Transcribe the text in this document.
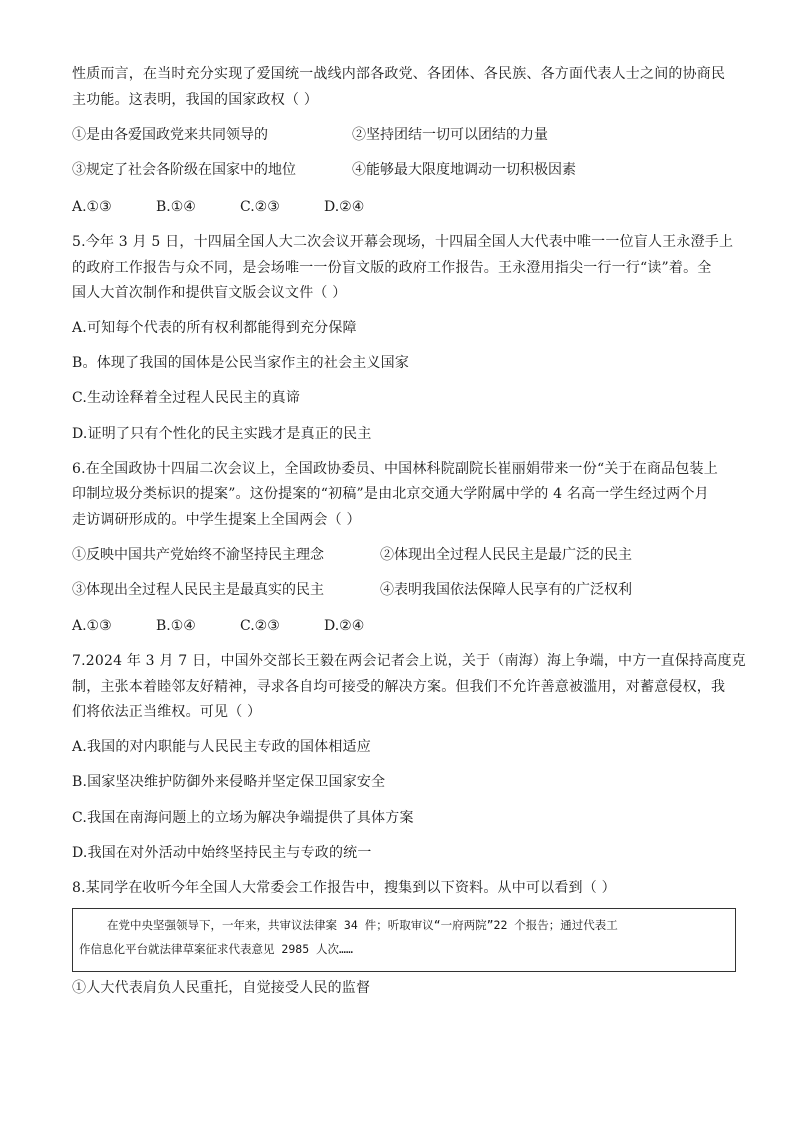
性质而言，在当时充分实现了爱国统一战线内部各政党、各团体、各民族、各方面代表人士之间的协商民
主功能。这表明，我国的国家政权（ ）
①是由各爱国政党来共同领导的	②坚持团结一切可以团结的力量
③规定了社会各阶级在国家中的地位	④能够最大限度地调动一切积极因素
A.①③	B.①④	C.②③	D.②④
5.今年 3 月 5 日，十四届全国人大二次会议开幕会现场，十四届全国人大代表中唯一一位盲人王永澄手上
的政府工作报告与众不同，是会场唯一一份盲文版的政府工作报告。王永澄用指尖一行一行“读”着。全
国人大首次制作和提供盲文版会议文件（ ）
A.可知每个代表的所有权利都能得到充分保障
B。体现了我国的国体是公民当家作主的社会主义国家
C.生动诠释着全过程人民民主的真谛
D.证明了只有个性化的民主实践才是真正的民主
6.在全国政协十四届二次会议上，全国政协委员、中国林科院副院长崔丽娟带来一份“关于在商品包装上
印制垃圾分类标识的提案”。这份提案的“初稿”是由北京交通大学附属中学的 4 名高一学生经过两个月
走访调研形成的。中学生提案上全国两会（ ）
①反映中国共产党始终不渝坚持民主理念	②体现出全过程人民民主是最广泛的民主
③体现出全过程人民民主是最真实的民主	④表明我国依法保障人民享有的广泛权利
A.①③	B.①④	C.②③	D.②④
7.2024 年 3 月 7 日，中国外交部长王毅在两会记者会上说，关于（南海）海上争端，中方一直保持高度克
制，主张本着睦邻友好精神，寻求各自均可接受的解决方案。但我们不允许善意被滥用，对蓄意侵权，我
们将依法正当维权。可见（ ）
A.我国的对内职能与人民民主专政的国体相适应
B.国家坚决维护防御外来侵略并坚定保卫国家安全
C.我国在南海问题上的立场为解决争端提供了具体方案
D.我国在对外活动中始终坚持民主与专政的统一
8.某同学在收听今年全国人大常委会工作报告中，搜集到以下资料。从中可以看到（ ）
在党中央坚强领导下，一年来，共审议法律案 34 件；听取审议“一府两院”22 个报告；通过代表工
作信息化平台就法律草案征求代表意见 2985 人次……
①人大代表肩负人民重托，自觉接受人民的监督
